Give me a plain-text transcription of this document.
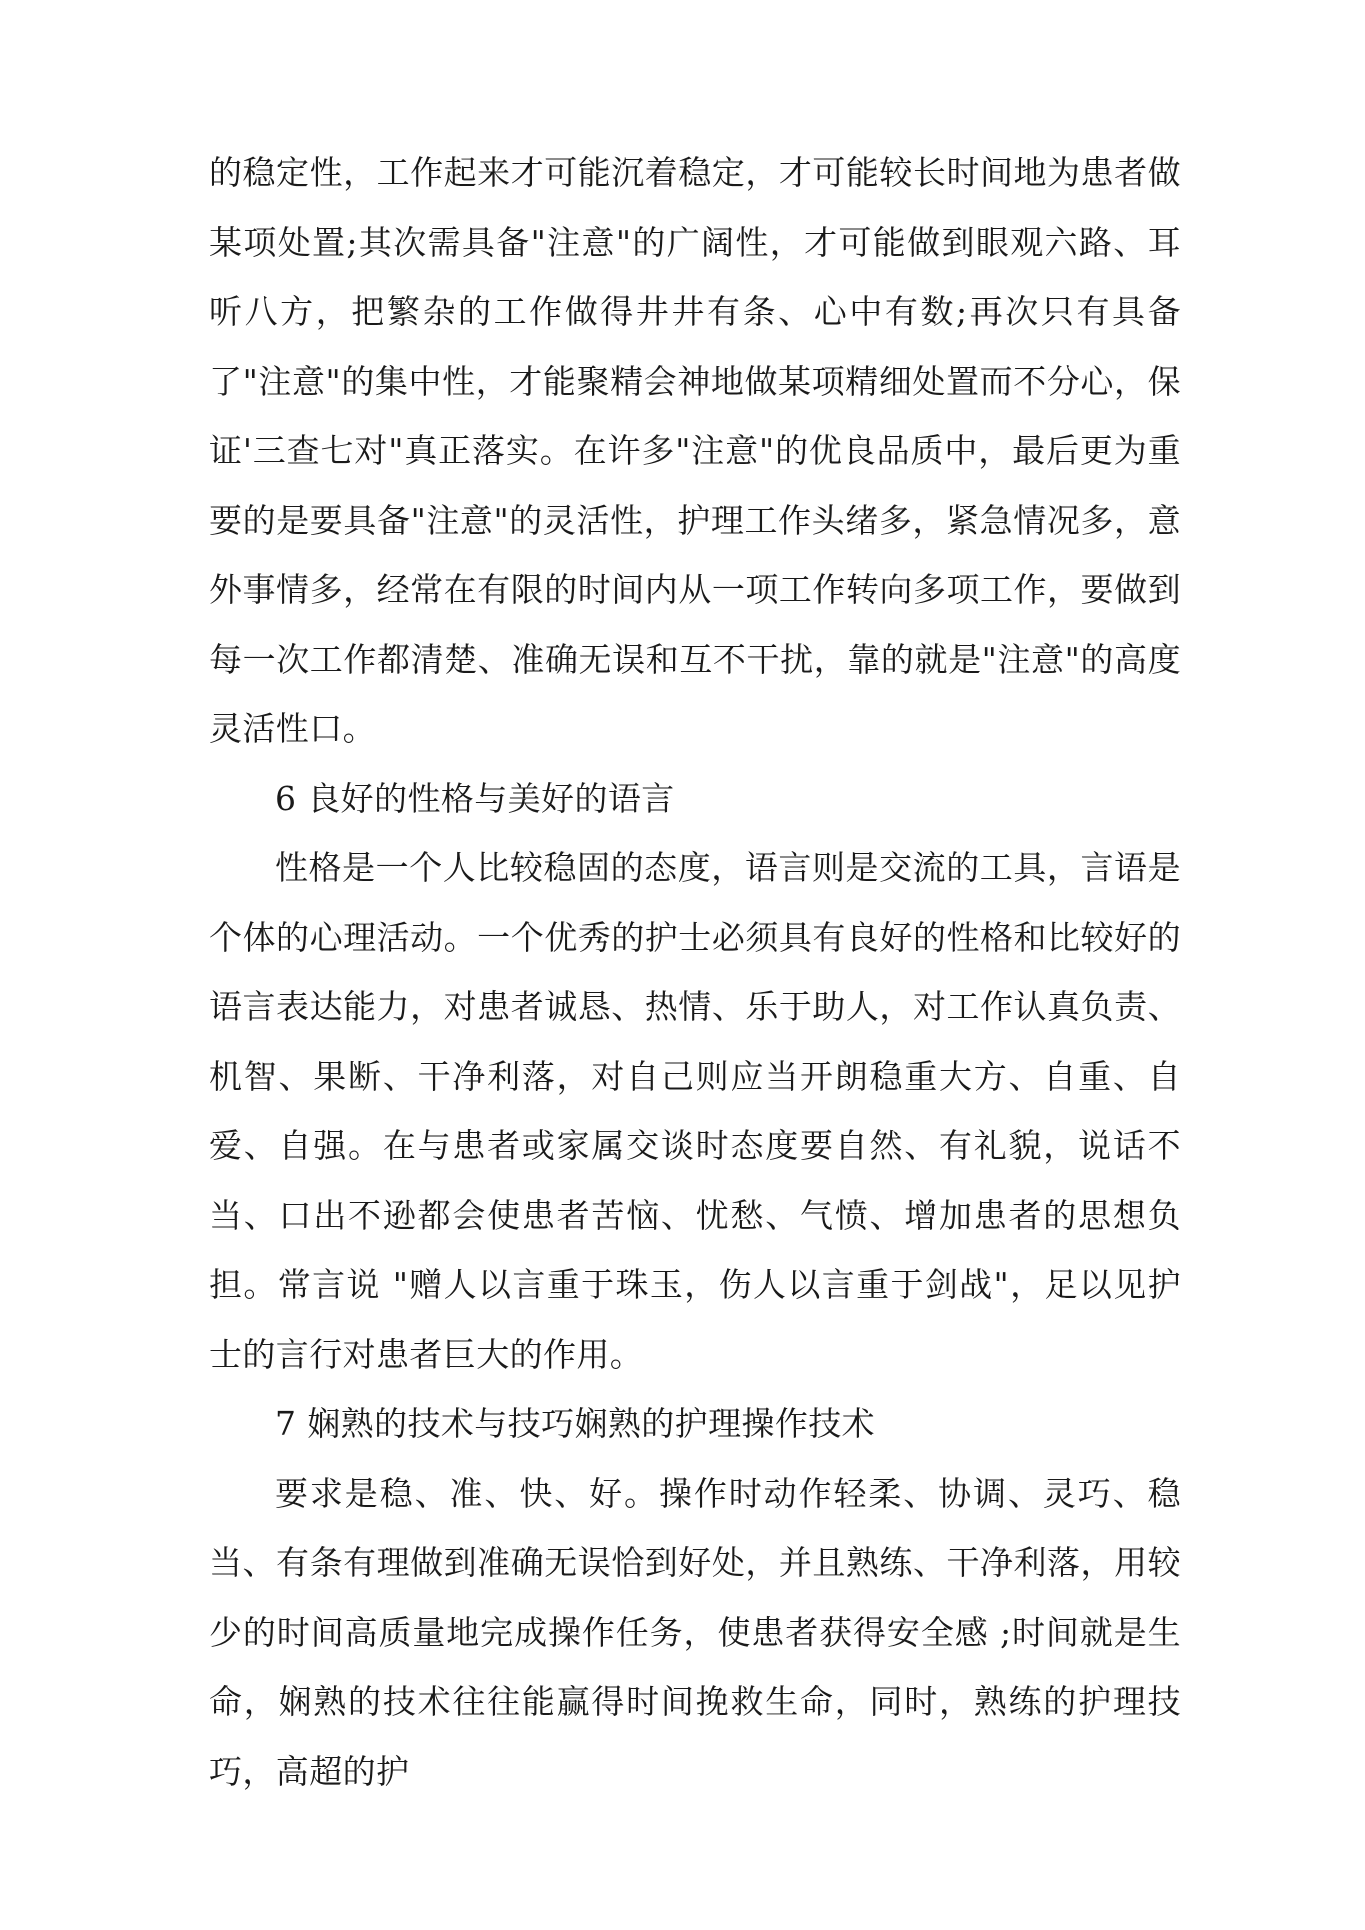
的稳定性，工作起来才可能沉着稳定，才可能较长时间地为患者做某项处置;其次需具备"注意"的广阔性，才可能做到眼观六路、耳听八方，把繁杂的工作做得井井有条、心中有数;再次只有具备了"注意"的集中性，才能聚精会神地做某项精细处置而不分心，保证'三查七对"真正落实。在许多"注意"的优良品质中，最后更为重要的是要具备"注意"的灵活性，护理工作头绪多，紧急情况多，意外事情多，经常在有限的时间内从一项工作转向多项工作，要做到每一次工作都清楚、准确无误和互不干扰，靠的就是"注意"的高度灵活性口。

6 良好的性格与美好的语言

性格是一个人比较稳固的态度，语言则是交流的工具，言语是个体的心理活动。一个优秀的护士必须具有良好的性格和比较好的语言表达能力，对患者诚恳、热情、乐于助人，对工作认真负责、机智、果断、干净利落，对自己则应当开朗稳重大方、自重、自爱、自强。在与患者或家属交谈时态度要自然、有礼貌，说话不当、口出不逊都会使患者苦恼、忧愁、气愤、增加患者的思想负担。常言说 "赠人以言重于珠玉，伤人以言重于剑战"，足以见护士的言行对患者巨大的作用。

7 娴熟的技术与技巧娴熟的护理操作技术

要求是稳、准、快、好。操作时动作轻柔、协调、灵巧、稳当、有条有理做到准确无误恰到好处，并且熟练、干净利落，用较少的时间高质量地完成操作任务，使患者获得安全感 ;时间就是生命，娴熟的技术往往能赢得时间挽救生命，同时，熟练的护理技巧，高超的护
